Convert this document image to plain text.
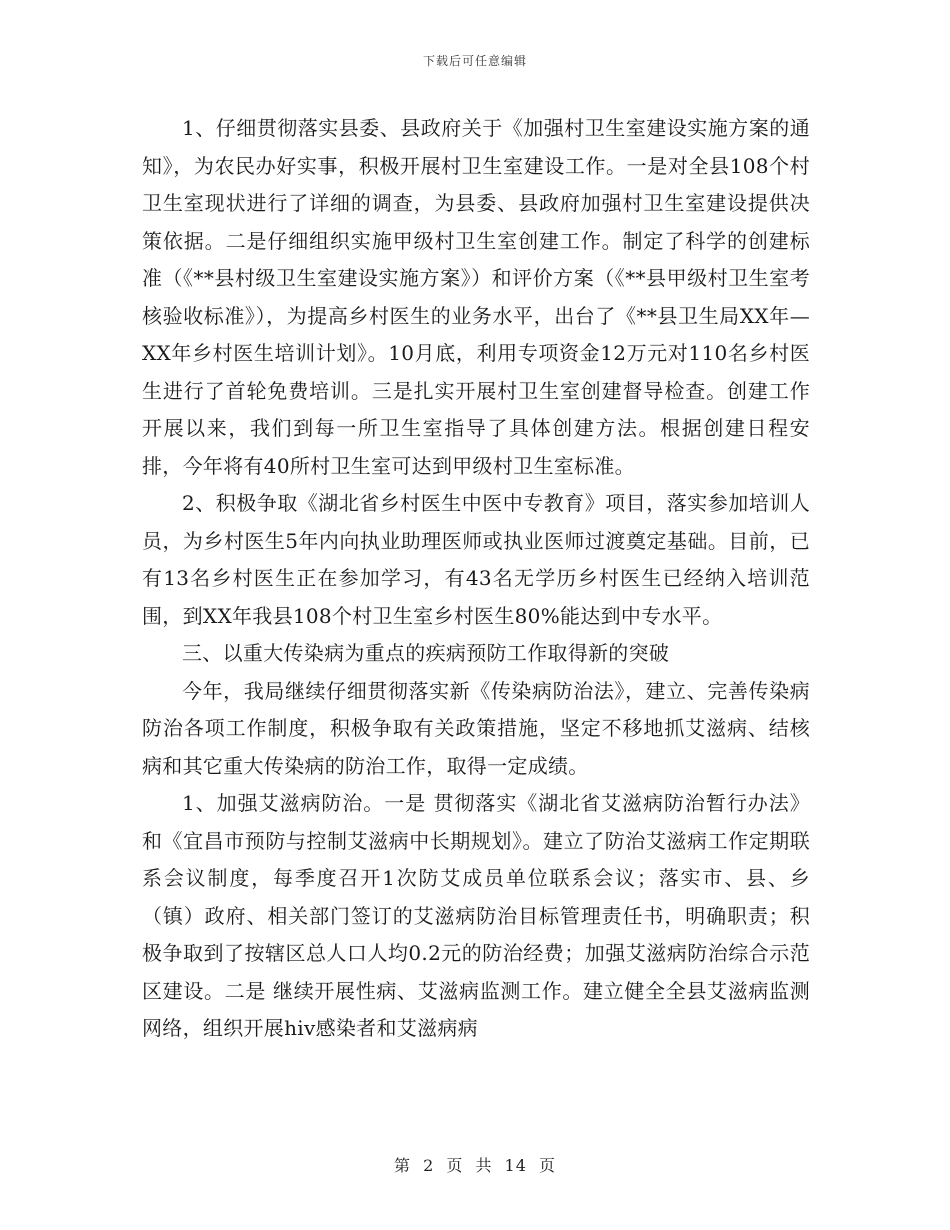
下载后可任意编辑

1、仔细贯彻落实县委、县政府关于《加强村卫生室建设实施方案的通知》，为农民办好实事，积极开展村卫生室建设工作。一是对全县108个村卫生室现状进行了详细的调查，为县委、县政府加强村卫生室建设提供决策依据。二是仔细组织实施甲级村卫生室创建工作。制定了科学的创建标准（《**县村级卫生室建设实施方案》）和评价方案（《**县甲级村卫生室考核验收标准》），为提高乡村医生的业务水平，出台了《**县卫生局XX年—XX年乡村医生培训计划》。10月底，利用专项资金12万元对110名乡村医生进行了首轮免费培训。三是扎实开展村卫生室创建督导检查。创建工作开展以来，我们到每一所卫生室指导了具体创建方法。根据创建日程安排，今年将有40所村卫生室可达到甲级村卫生室标准。

2、积极争取《湖北省乡村医生中医中专教育》项目，落实参加培训人员，为乡村医生5年内向执业助理医师或执业医师过渡奠定基础。目前，已有13名乡村医生正在参加学习，有43名无学历乡村医生已经纳入培训范围，到XX年我县108个村卫生室乡村医生80%能达到中专水平。

三、以重大传染病为重点的疾病预防工作取得新的突破

今年，我局继续仔细贯彻落实新《传染病防治法》，建立、完善传染病防治各项工作制度，积极争取有关政策措施，坚定不移地抓艾滋病、结核病和其它重大传染病的防治工作，取得一定成绩。

1、加强艾滋病防治。一是 贯彻落实《湖北省艾滋病防治暂行办法》和《宜昌市预防与控制艾滋病中长期规划》。建立了防治艾滋病工作定期联系会议制度，每季度召开1次防艾成员单位联系会议；落实市、县、乡（镇）政府、相关部门签订的艾滋病防治目标管理责任书，明确职责；积极争取到了按辖区总人口人均0.2元的防治经费；加强艾滋病防治综合示范区建设。二是 继续开展性病、艾滋病监测工作。建立健全全县艾滋病监测网络，组织开展hiv感染者和艾滋病病

第 2 页 共 14 页
